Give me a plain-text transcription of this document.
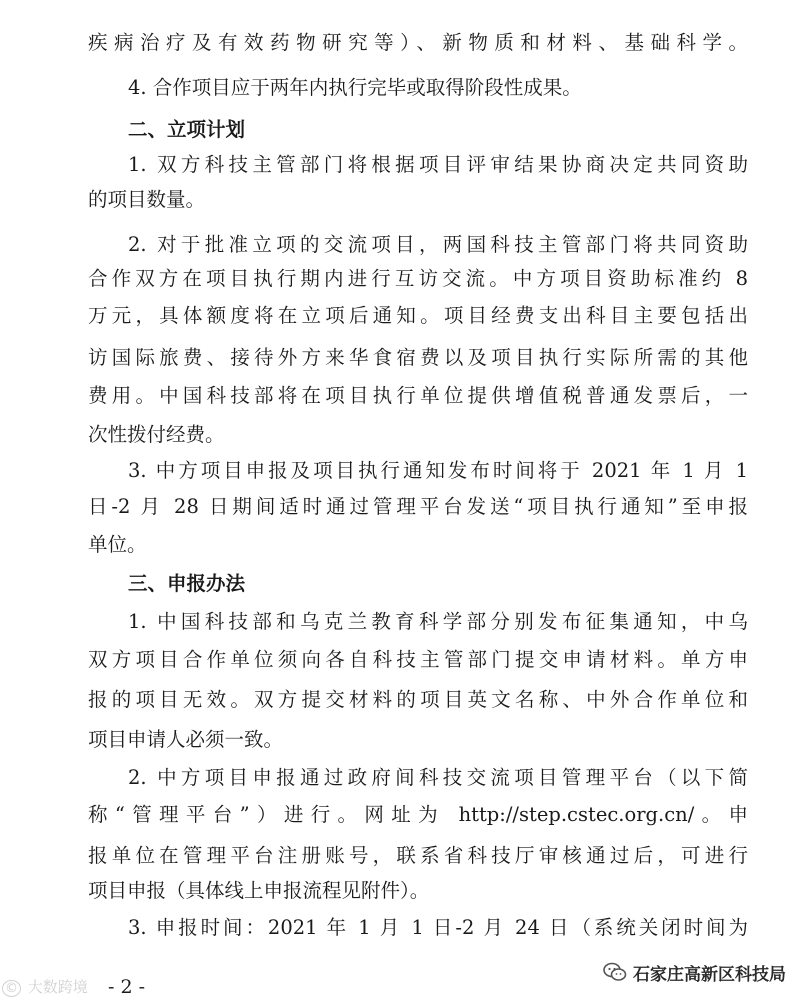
疾病治疗及有效药物研究等）、新物质和材料、基础科学。
4. 合作项目应于两年内执行完毕或取得阶段性成果。
二、立项计划
1. 双方科技主管部门将根据项目评审结果协商决定共同资助
的项目数量。
2. 对于批准立项的交流项目，两国科技主管部门将共同资助
合作双方在项目执行期内进行互访交流。中方项目资助标准约 8
万元，具体额度将在立项后通知。项目经费支出科目主要包括出
访国际旅费、接待外方来华食宿费以及项目执行实际所需的其他
费用。中国科技部将在项目执行单位提供增值税普通发票后，一
次性拨付经费。
3. 中方项目申报及项目执行通知发布时间将于 2021 年 1 月 1
日-2 月 28 日期间适时通过管理平台发送“项目执行通知”至申报
单位。
三、申报办法
1. 中国科技部和乌克兰教育科学部分别发布征集通知，中乌
双方项目合作单位须向各自科技主管部门提交申请材料。单方申
报的项目无效。双方提交材料的项目英文名称、中外合作单位和
项目申请人必须一致。
2. 中方项目申报通过政府间科技交流项目管理平台（以下简
称“管理平台”）进行。网址为 http://step.cstec.org.cn/。申
报单位在管理平台注册账号，联系省科技厅审核通过后，可进行
项目申报（具体线上申报流程见附件）。
3. 申报时间：2021 年 1 月 1 日-2 月 24 日（系统关闭时间为
© 大数跨境 - 2 -
石家庄高新区科技局
